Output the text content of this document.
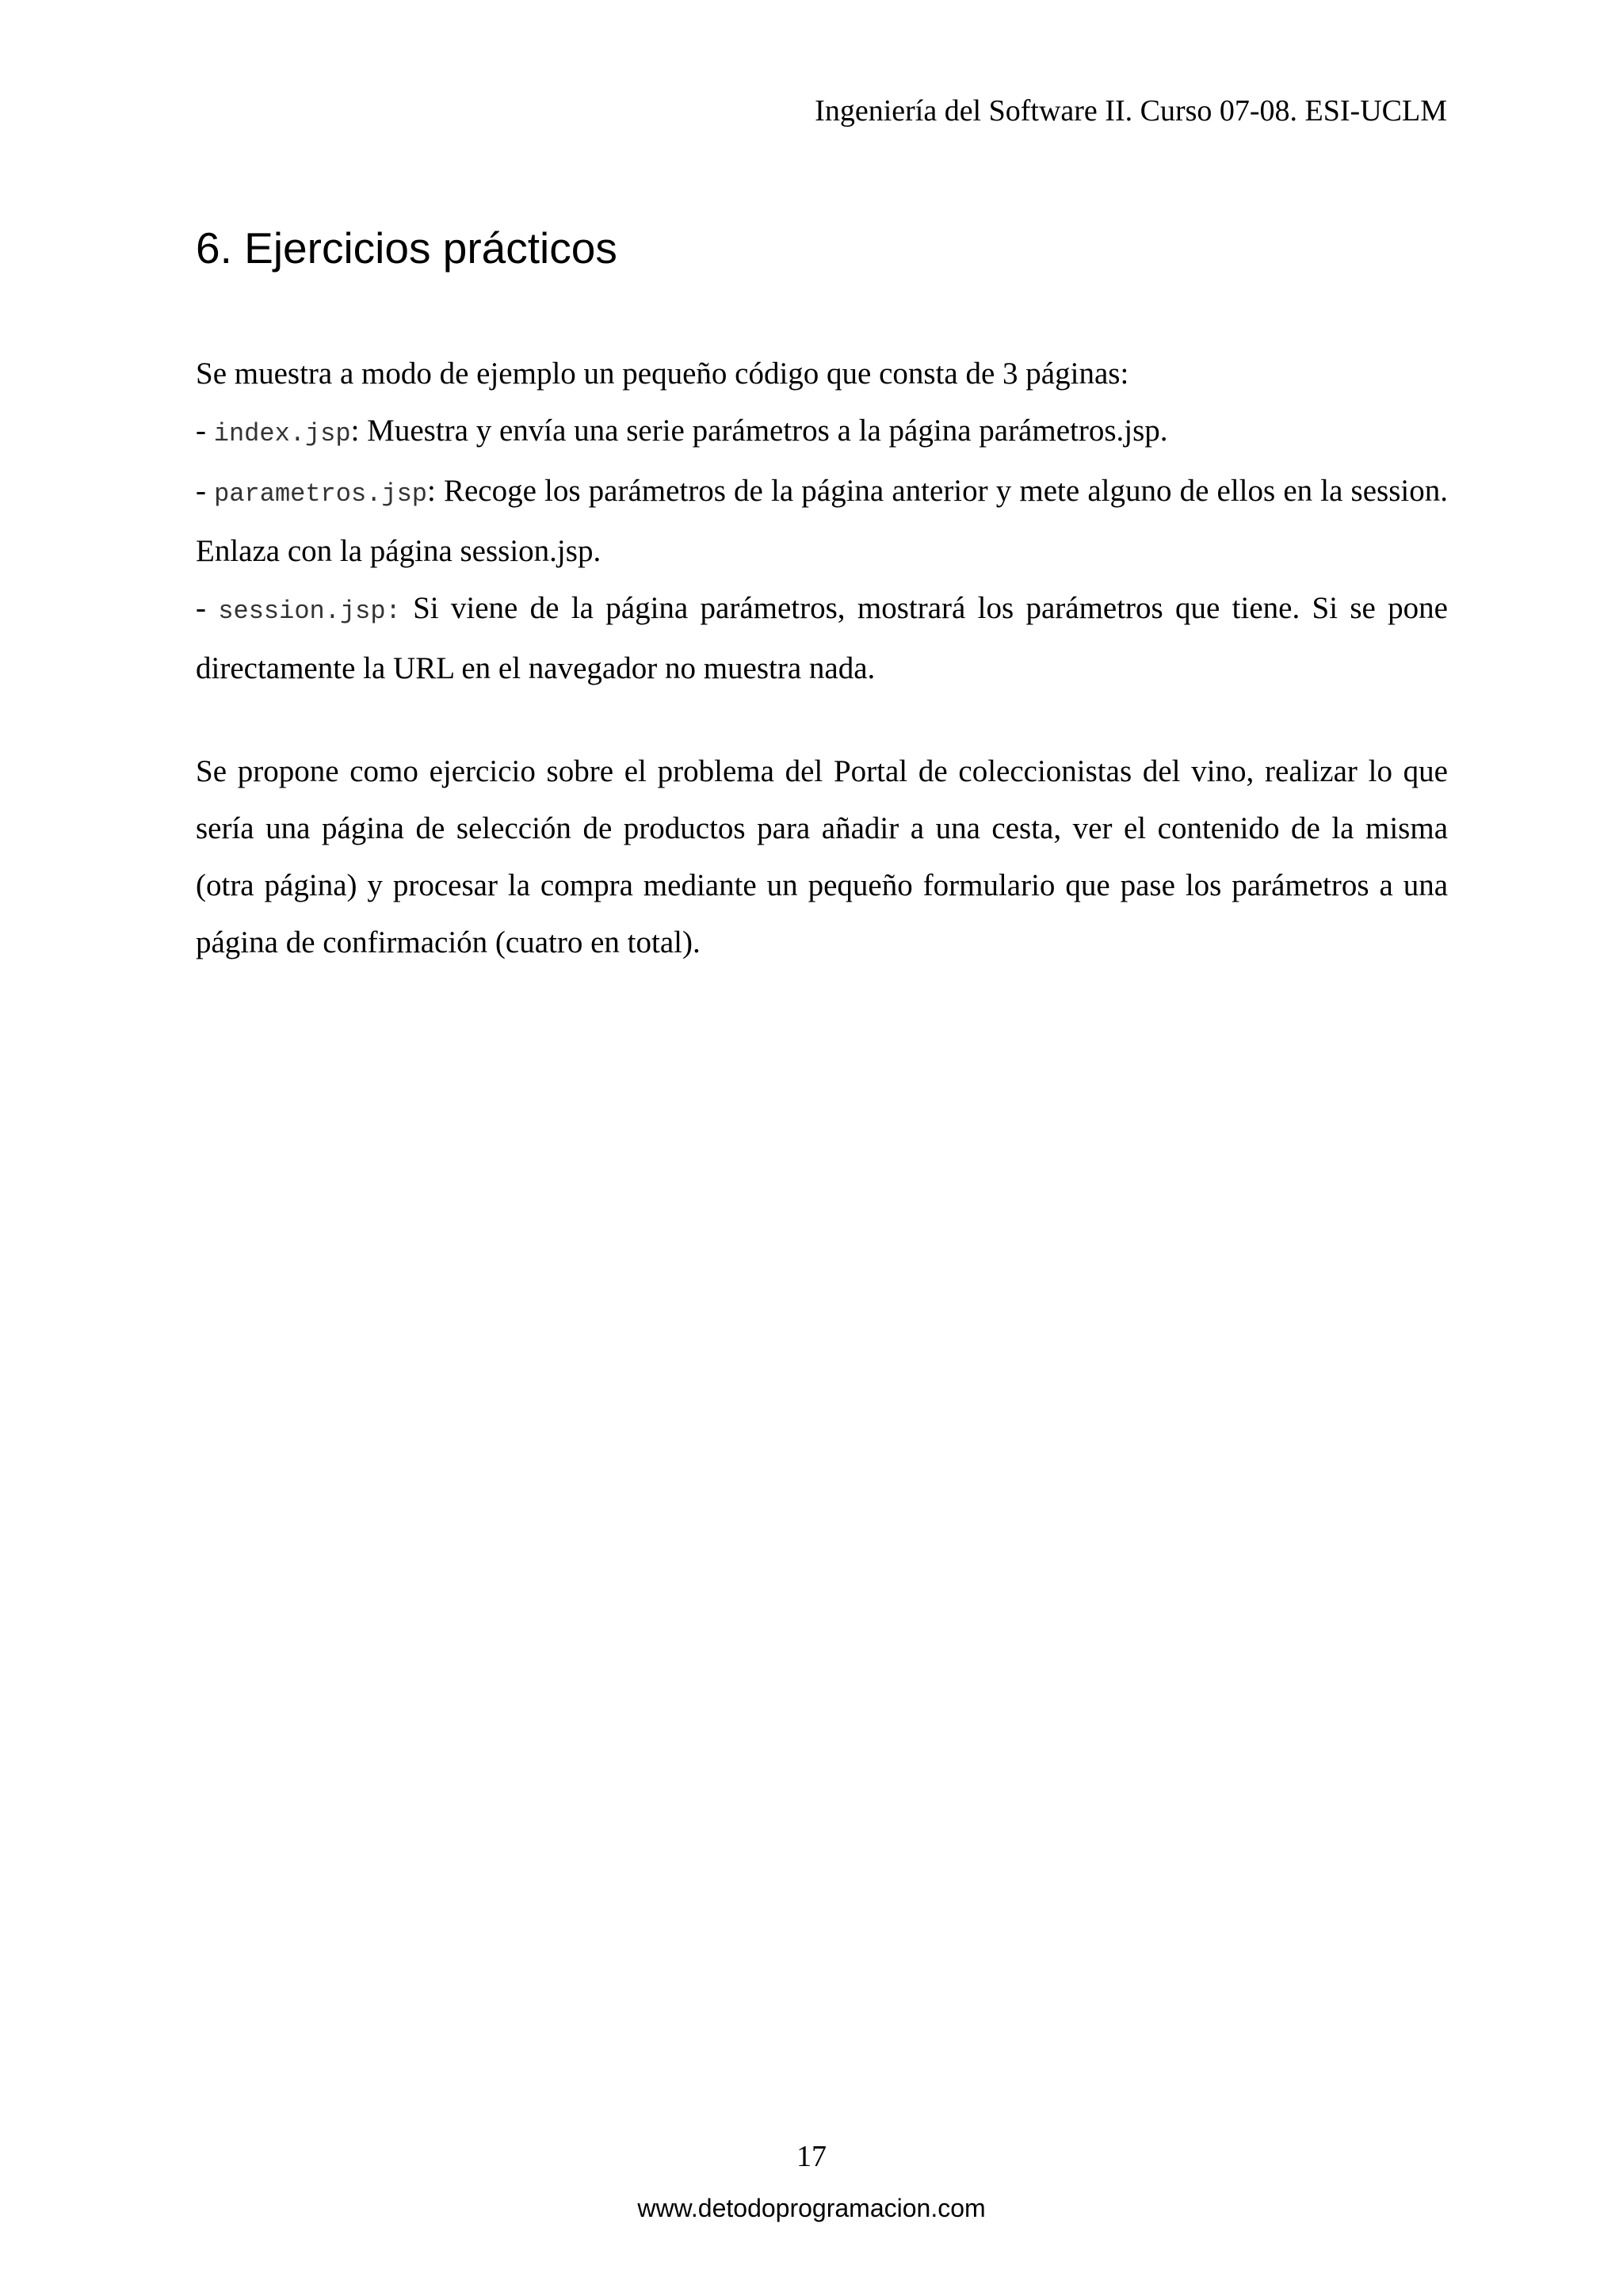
Ingeniería del Software II. Curso 07-08. ESI-UCLM
6. Ejercicios prácticos

Se muestra a modo de ejemplo un pequeño código que consta de 3 páginas:

- index.jsp: Muestra y envía una serie parámetros a la página parámetros.jsp.

- parametros.jsp: Recoge los parámetros de la página anterior y mete alguno de ellos en la session. Enlaza con la página session.jsp.

- session.jsp: Si viene de la página parámetros, mostrará los parámetros que tiene. Si se pone directamente la URL en el navegador no muestra nada.

Se propone como ejercicio sobre el problema del Portal de coleccionistas del vino, realizar lo que sería una página de selección de productos para añadir a una cesta, ver el contenido de la misma (otra página) y procesar la compra mediante un pequeño formulario que pase los parámetros a una página de confirmación (cuatro en total).

17
www.detodoprogramacion.com
